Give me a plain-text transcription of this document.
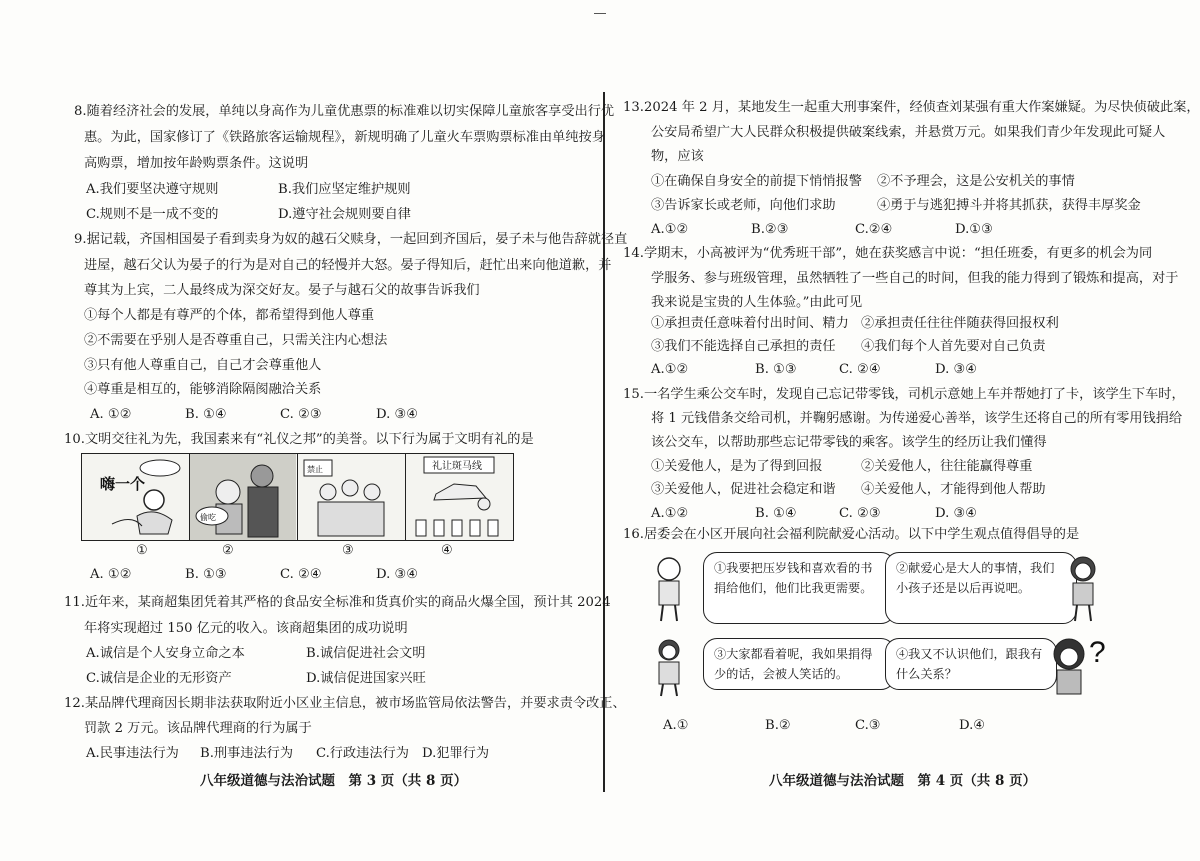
8.随着经济社会的发展，单纯以身高作为儿童优惠票的标准难以切实保障儿童旅客享受出行优
惠。为此，国家修订了《铁路旅客运输规程》，新规明确了儿童火车票购票标准由单纯按身
高购票，增加按年龄购票条件。这说明
A.我们要坚决遵守规则	B.我们应坚定维护规则
C.规则不是一成不变的	D.遵守社会规则要自律
9.据记载，齐国相国晏子看到卖身为奴的越石父赎身，一起回到齐国后，晏子未与他告辞就径直
进屋，越石父认为晏子的行为是对自己的轻慢并大怒。晏子得知后，赶忙出来向他道歉，并
尊其为上宾，二人最终成为深交好友。晏子与越石父的故事告诉我们
①每个人都是有尊严的个体，都希望得到他人尊重
②不需要在乎别人是否尊重自己，只需关注内心想法
③只有他人尊重自己，自己才会尊重他人
④尊重是相互的，能够消除隔阂融洽关系
A. ①②	B. ①④	C. ②③	D. ③④
10.文明交往礼为先，我国素来有“礼仪之邦”的美誉。以下行为属于文明有礼的是
①	②	③	④
A. ①②	B. ①③	C. ②④	D. ③④
11.近年来，某商超集团凭着其严格的食品安全标准和货真价实的商品火爆全国，预计其 2024
年将实现超过 150 亿元的收入。该商超集团的成功说明
A.诚信是个人安身立命之本	B.诚信促进社会文明
C.诚信是企业的无形资产	D.诚信促进国家兴旺
12.某品牌代理商因长期非法获取附近小区业主信息，被市场监管局依法警告，并要求责令改正、
罚款 2 万元。该品牌代理商的行为属于
A.民事违法行为 B.刑事违法行为 C.行政违法行为 D.犯罪行为
八年级道德与法治试题　第 3 页（共 8 页）
嗨一个
偷吃
禁止	礼让斑马线
13.2024 年 2 月，某地发生一起重大刑事案件，经侦查刘某强有重大作案嫌疑。为尽快侦破此案，
公安局希望广大人民群众积极提供破案线索，并悬赏万元。如果我们青少年发现此可疑人
物，应该
①在确保自身安全的前提下悄悄报警 ②不予理会，这是公安机关的事情
③告诉家长或老师，向他们求助	④勇于与逃犯搏斗并将其抓获，获得丰厚奖金
A.①②	B.②③	C.②④	D.①③
14.学期末，小高被评为“优秀班干部”，她在获奖感言中说：“担任班委，有更多的机会为同
学服务、参与班级管理，虽然牺牲了一些自己的时间，但我的能力得到了锻炼和提高，对于
我来说是宝贵的人生体验。”由此可见
①承担责任意味着付出时间、精力 ②承担责任往往伴随获得回报权利
③我们不能选择自己承担的责任 ④我们每个人首先要对自己负责
A.①②	B. ①③	C. ②④	D. ③④
15.一名学生乘公交车时，发现自己忘记带零钱，司机示意她上车并帮她打了卡，该学生下车时，
将 1 元钱借条交给司机，并鞠躬感谢。为传递爱心善举，该学生还将自己的所有零用钱捐给
该公交车，以帮助那些忘记带零钱的乘客。该学生的经历让我们懂得
①关爱他人，是为了得到回报	②关爱他人，往往能赢得尊重
③关爱他人，促进社会稳定和谐 ④关爱他人，才能得到他人帮助
A.①②	B. ①④	C. ②③	D. ③④
16.居委会在小区开展向社会福利院献爱心活动。以下中学生观点值得倡导的是
①我要把压岁钱和喜欢看的书捐给他们，他们比我更需要。
②献爱心是大人的事情，我们小孩子还是以后再说吧。
③大家都看着呢，我如果捐得少的话，会被人笑话的。
④我又不认识他们，跟我有什么关系？
?
A.①	B.②	C.③	D.④
八年级道德与法治试题　第 4 页（共 8 页）
